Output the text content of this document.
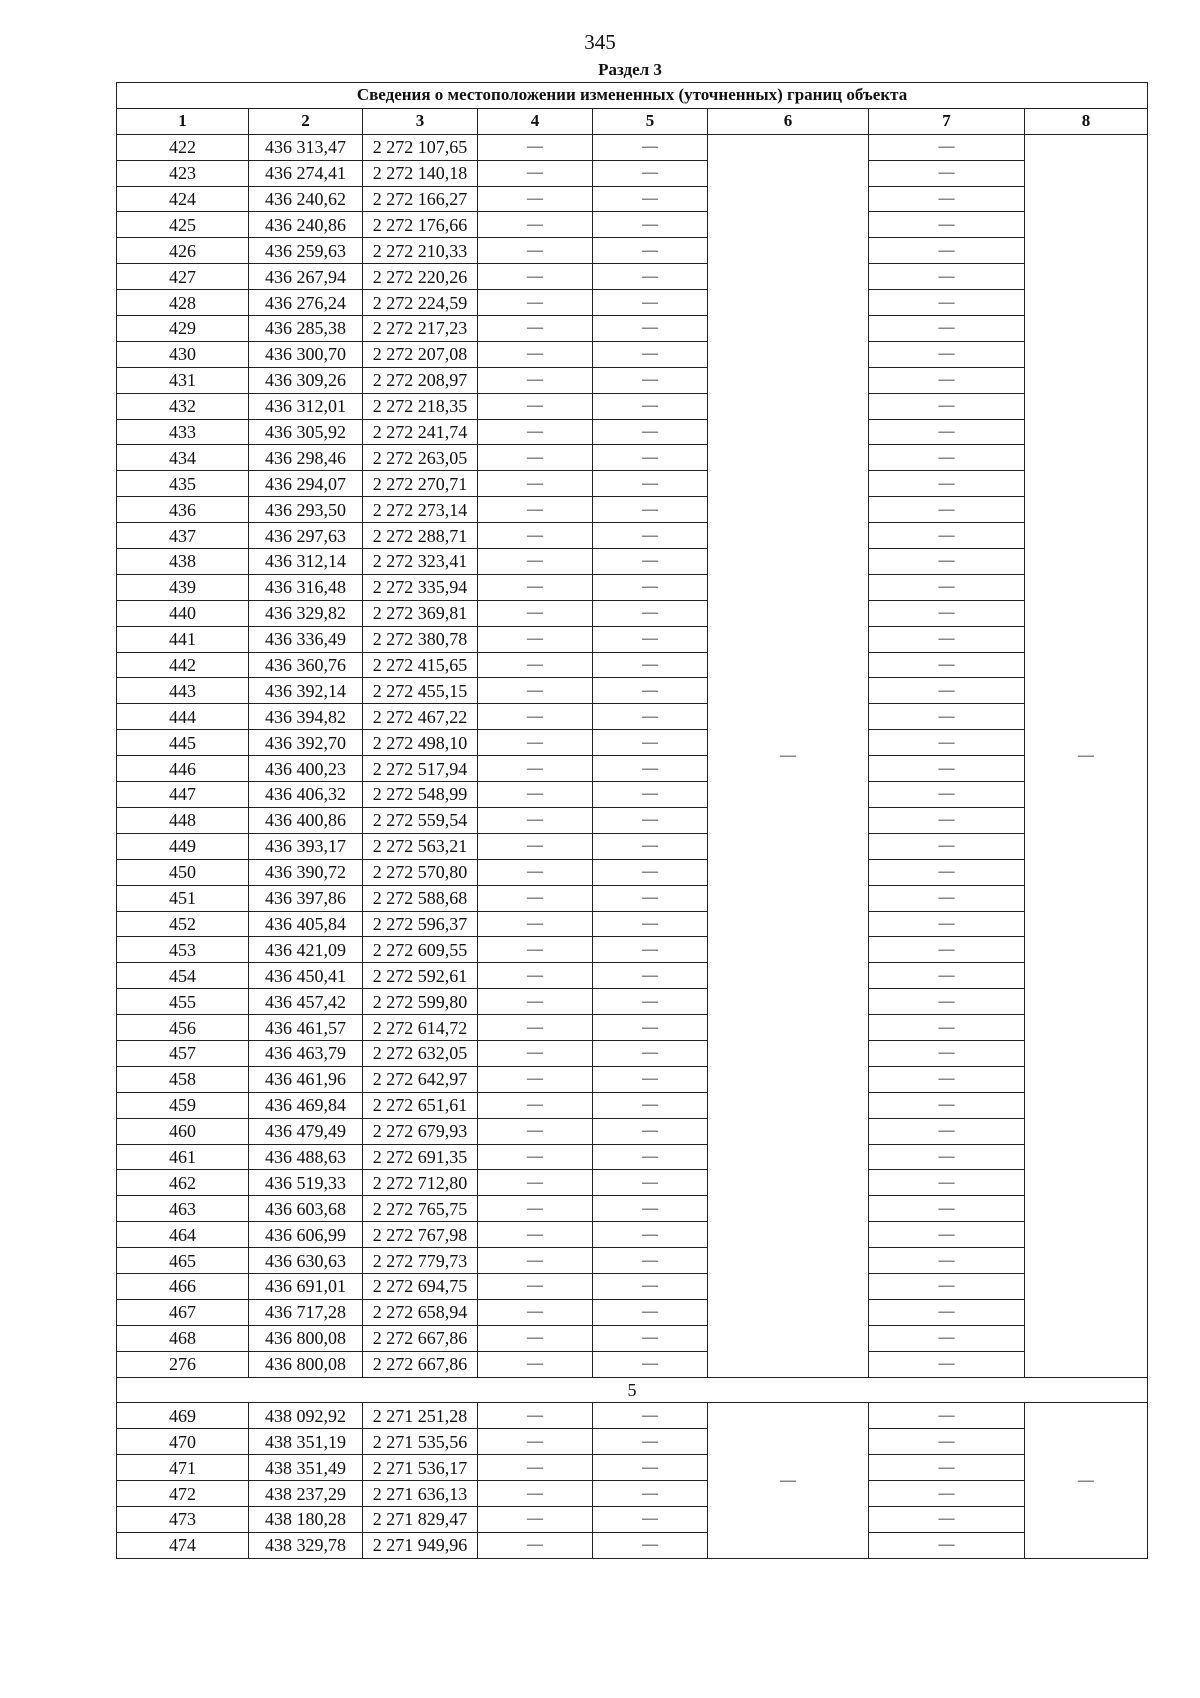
345
Раздел 3
Сведения о местоположении измененных (уточненных) границ объекта							
1	2	3	4	5	6	7	8
422	436 313,47	2 272 107,65	—	—	—	—	—
423	436 274,41	2 272 140,18	—	—		—	
424	436 240,62	2 272 166,27	—	—		—	
425	436 240,86	2 272 176,66	—	—		—	
426	436 259,63	2 272 210,33	—	—		—	
427	436 267,94	2 272 220,26	—	—		—	
428	436 276,24	2 272 224,59	—	—		—	
429	436 285,38	2 272 217,23	—	—		—	
430	436 300,70	2 272 207,08	—	—		—	
431	436 309,26	2 272 208,97	—	—		—	
432	436 312,01	2 272 218,35	—	—		—	
433	436 305,92	2 272 241,74	—	—		—	
434	436 298,46	2 272 263,05	—	—		—	
435	436 294,07	2 272 270,71	—	—		—	
436	436 293,50	2 272 273,14	—	—		—	
437	436 297,63	2 272 288,71	—	—		—	
438	436 312,14	2 272 323,41	—	—		—	
439	436 316,48	2 272 335,94	—	—		—	
440	436 329,82	2 272 369,81	—	—		—	
441	436 336,49	2 272 380,78	—	—		—	
442	436 360,76	2 272 415,65	—	—		—	
443	436 392,14	2 272 455,15	—	—		—	
444	436 394,82	2 272 467,22	—	—		—	
445	436 392,70	2 272 498,10	—	—		—	
446	436 400,23	2 272 517,94	—	—		—	
447	436 406,32	2 272 548,99	—	—		—	
448	436 400,86	2 272 559,54	—	—		—	
449	436 393,17	2 272 563,21	—	—		—	
450	436 390,72	2 272 570,80	—	—		—	
451	436 397,86	2 272 588,68	—	—		—	
452	436 405,84	2 272 596,37	—	—		—	
453	436 421,09	2 272 609,55	—	—		—	
454	436 450,41	2 272 592,61	—	—		—	
455	436 457,42	2 272 599,80	—	—		—	
456	436 461,57	2 272 614,72	—	—		—	
457	436 463,79	2 272 632,05	—	—		—	
458	436 461,96	2 272 642,97	—	—		—	
459	436 469,84	2 272 651,61	—	—		—	
460	436 479,49	2 272 679,93	—	—		—	
461	436 488,63	2 272 691,35	—	—		—	
462	436 519,33	2 272 712,80	—	—		—	
463	436 603,68	2 272 765,75	—	—		—	
464	436 606,99	2 272 767,98	—	—		—	
465	436 630,63	2 272 779,73	—	—		—	
466	436 691,01	2 272 694,75	—	—		—	
467	436 717,28	2 272 658,94	—	—		—	
468	436 800,08	2 272 667,86	—	—		—	
276	436 800,08	2 272 667,86	—	—		—	
5							
469	438 092,92	2 271 251,28	—	—	—	—	—
470	438 351,19	2 271 535,56	—	—		—	
471	438 351,49	2 271 536,17	—	—		—	
472	438 237,29	2 271 636,13	—	—		—	
473	438 180,28	2 271 829,47	—	—		—	
474	438 329,78	2 271 949,96	—	—		—	
